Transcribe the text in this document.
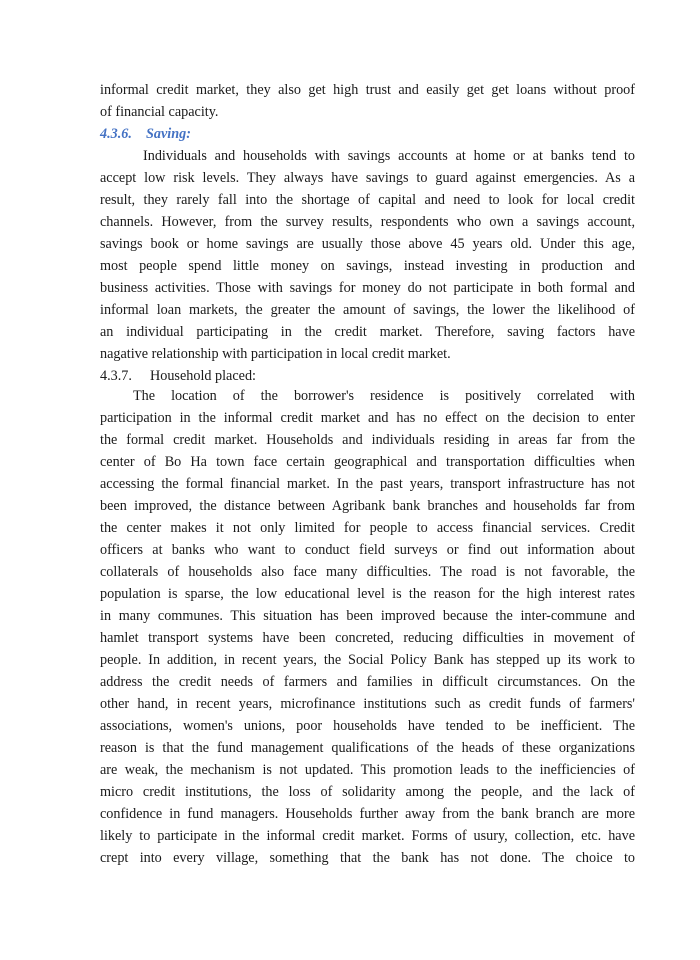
informal credit market, they also get high trust and easily get get loans without proof
of financial capacity.
4.3.6. Saving:
Individuals and households with savings accounts at home or at banks tend to
accept low risk levels. They always have savings to guard against emergencies. As a
result, they rarely fall into the shortage of capital and need to look for local credit
channels. However, from the survey results, respondents who own a savings account,
savings book or home savings are usually those above 45 years old. Under this age,
most people spend little money on savings, instead investing in production and
business activities. Those with savings for money do not participate in both formal and
informal loan markets, the greater the amount of savings, the lower the likelihood of
an individual participating in the credit market. Therefore, saving factors have
nagative relationship with participation in local credit market.
4.3.7. Household placed:
The location of the borrower's residence is positively correlated with
participation in the informal credit market and has no effect on the decision to enter
the formal credit market. Households and individuals residing in areas far from the
center of Bo Ha town face certain geographical and transportation difficulties when
accessing the formal financial market. In the past years, transport infrastructure has not
been improved, the distance between Agribank bank branches and households far from
the center makes it not only limited for people to access financial services. Credit
officers at banks who want to conduct field surveys or find out information about
collaterals of households also face many difficulties. The road is not favorable, the
population is sparse, the low educational level is the reason for the high interest rates
in many communes. This situation has been improved because the inter-commune and
hamlet transport systems have been concreted, reducing difficulties in movement of
people. In addition, in recent years, the Social Policy Bank has stepped up its work to
address the credit needs of farmers and families in difficult circumstances. On the
other hand, in recent years, microfinance institutions such as credit funds of farmers'
associations, women's unions, poor households have tended to be inefficient. The
reason is that the fund management qualifications of the heads of these organizations
are weak, the mechanism is not updated. This promotion leads to the inefficiencies of
micro credit institutions, the loss of solidarity among the people, and the lack of
confidence in fund managers. Households further away from the bank branch are more
likely to participate in the informal credit market. Forms of usury, collection, etc. have
crept into every village, something that the bank has not done. The choice to
